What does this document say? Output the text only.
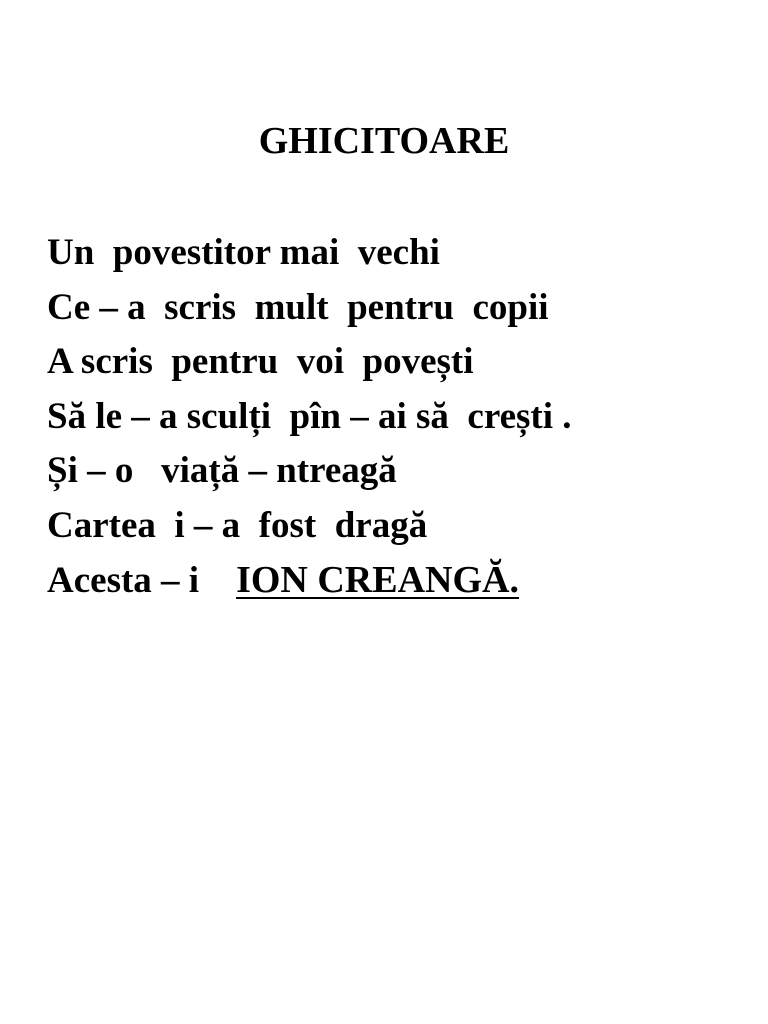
GHICITOARE
Un  povestitor mai  vechi
Ce – a  scris  mult  pentru  copii
A scris  pentru  voi  povești
Să le – a sculți  pîn – ai să  crești .
Și – o   viață – ntreagă
Cartea  i – a  fost  dragă
Acesta – i    ION CREANGĂ.
